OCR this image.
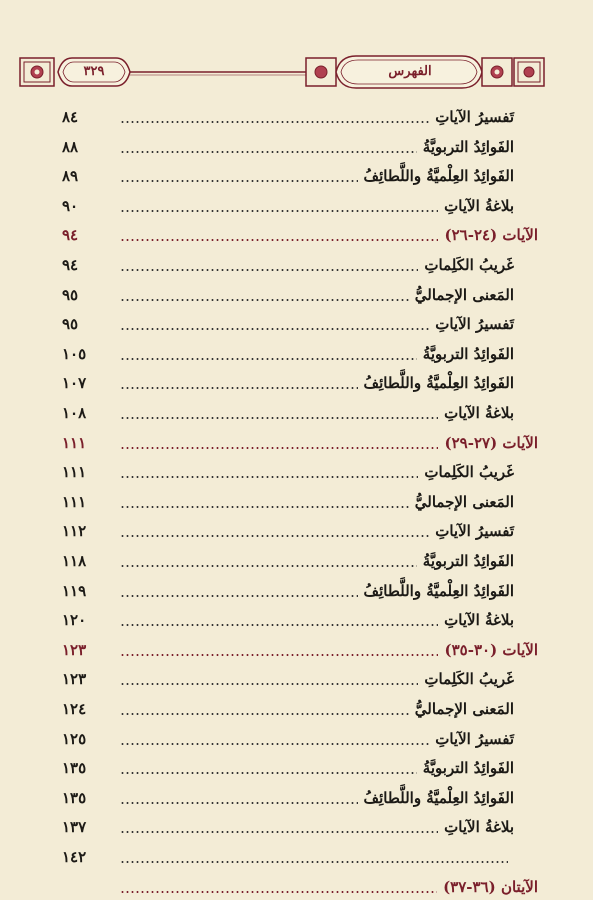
٣٢٩	الفهرس
تَفسيرُ الآياتِ
٨٤
الفَوائِدُ التربويَّةُ
٨٨
الفَوائِدُ العِلْميَّةُ واللَّطائِفُ
٨٩
بلاغةُ الآياتِ
٩٠
الآيات (٢٤-٢٦)
٩٤
غَريبُ الكَلِماتِ
٩٤
المَعنى الإجماليُّ
٩٥
تَفسيرُ الآياتِ
٩٥
الفَوائِدُ التربويَّةُ
١٠٥
الفَوائِدُ العِلْميَّةُ واللَّطائِفُ
١٠٧
بلاغةُ الآياتِ
١٠٨
الآيات (٢٧-٢٩)
١١١
غَريبُ الكَلِماتِ
١١١
المَعنى الإجماليُّ
١١١
تَفسيرُ الآياتِ
١١٢
الفَوائِدُ التربويَّةُ
١١٨
الفَوائِدُ العِلْميَّةُ واللَّطائِفُ
١١٩
بلاغةُ الآياتِ
١٢٠
الآيات (٣٠-٣٥)
١٢٣
غَريبُ الكَلِماتِ
١٢٣
المَعنى الإجماليُّ
١٢٤
تَفسيرُ الآياتِ
١٢٥
الفَوائِدُ التربويَّةُ
١٣٥
الفَوائِدُ العِلْميَّةُ واللَّطائِفُ
١٣٥
بلاغةُ الآياتِ
١٣٧
١٤٢
الآيتان (٣٦-٣٧)
